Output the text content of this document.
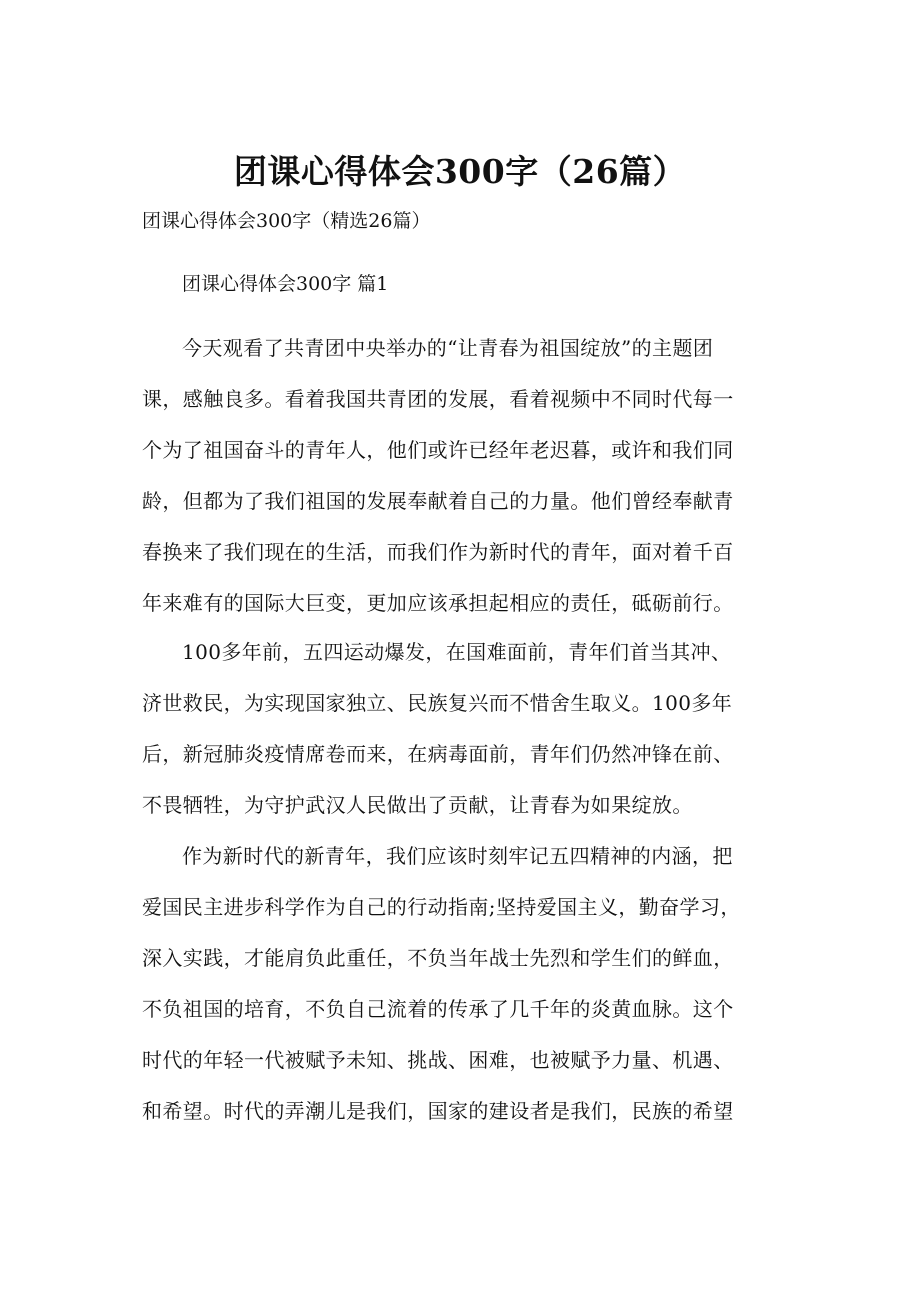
团课心得体会300字（26篇）

团课心得体会300字（精选26篇）

团课心得体会300字 篇1

今天观看了共青团中央举办的“让青春为祖国绽放”的主题团
课，感触良多。看着我国共青团的发展，看着视频中不同时代每一
个为了祖国奋斗的青年人，他们或许已经年老迟暮，或许和我们同
龄，但都为了我们祖国的发展奉献着自己的力量。他们曾经奉献青
春换来了我们现在的生活，而我们作为新时代的青年，面对着千百
年来难有的国际大巨变，更加应该承担起相应的责任，砥砺前行。
100多年前，五四运动爆发，在国难面前，青年们首当其冲、
济世救民，为实现国家独立、民族复兴而不惜舍生取义。100多年
后，新冠肺炎疫情席卷而来，在病毒面前，青年们仍然冲锋在前、
不畏牺牲，为守护武汉人民做出了贡献，让青春为如果绽放。
作为新时代的新青年，我们应该时刻牢记五四精神的内涵，把
爱国民主进步科学作为自己的行动指南;坚持爱国主义，勤奋学习，
深入实践，才能肩负此重任，不负当年战士先烈和学生们的鲜血，
不负祖国的培育，不负自己流着的传承了几千年的炎黄血脉。这个
时代的年轻一代被赋予未知、挑战、困难，也被赋予力量、机遇、
和希望。时代的弄潮儿是我们，国家的建设者是我们，民族的希望
